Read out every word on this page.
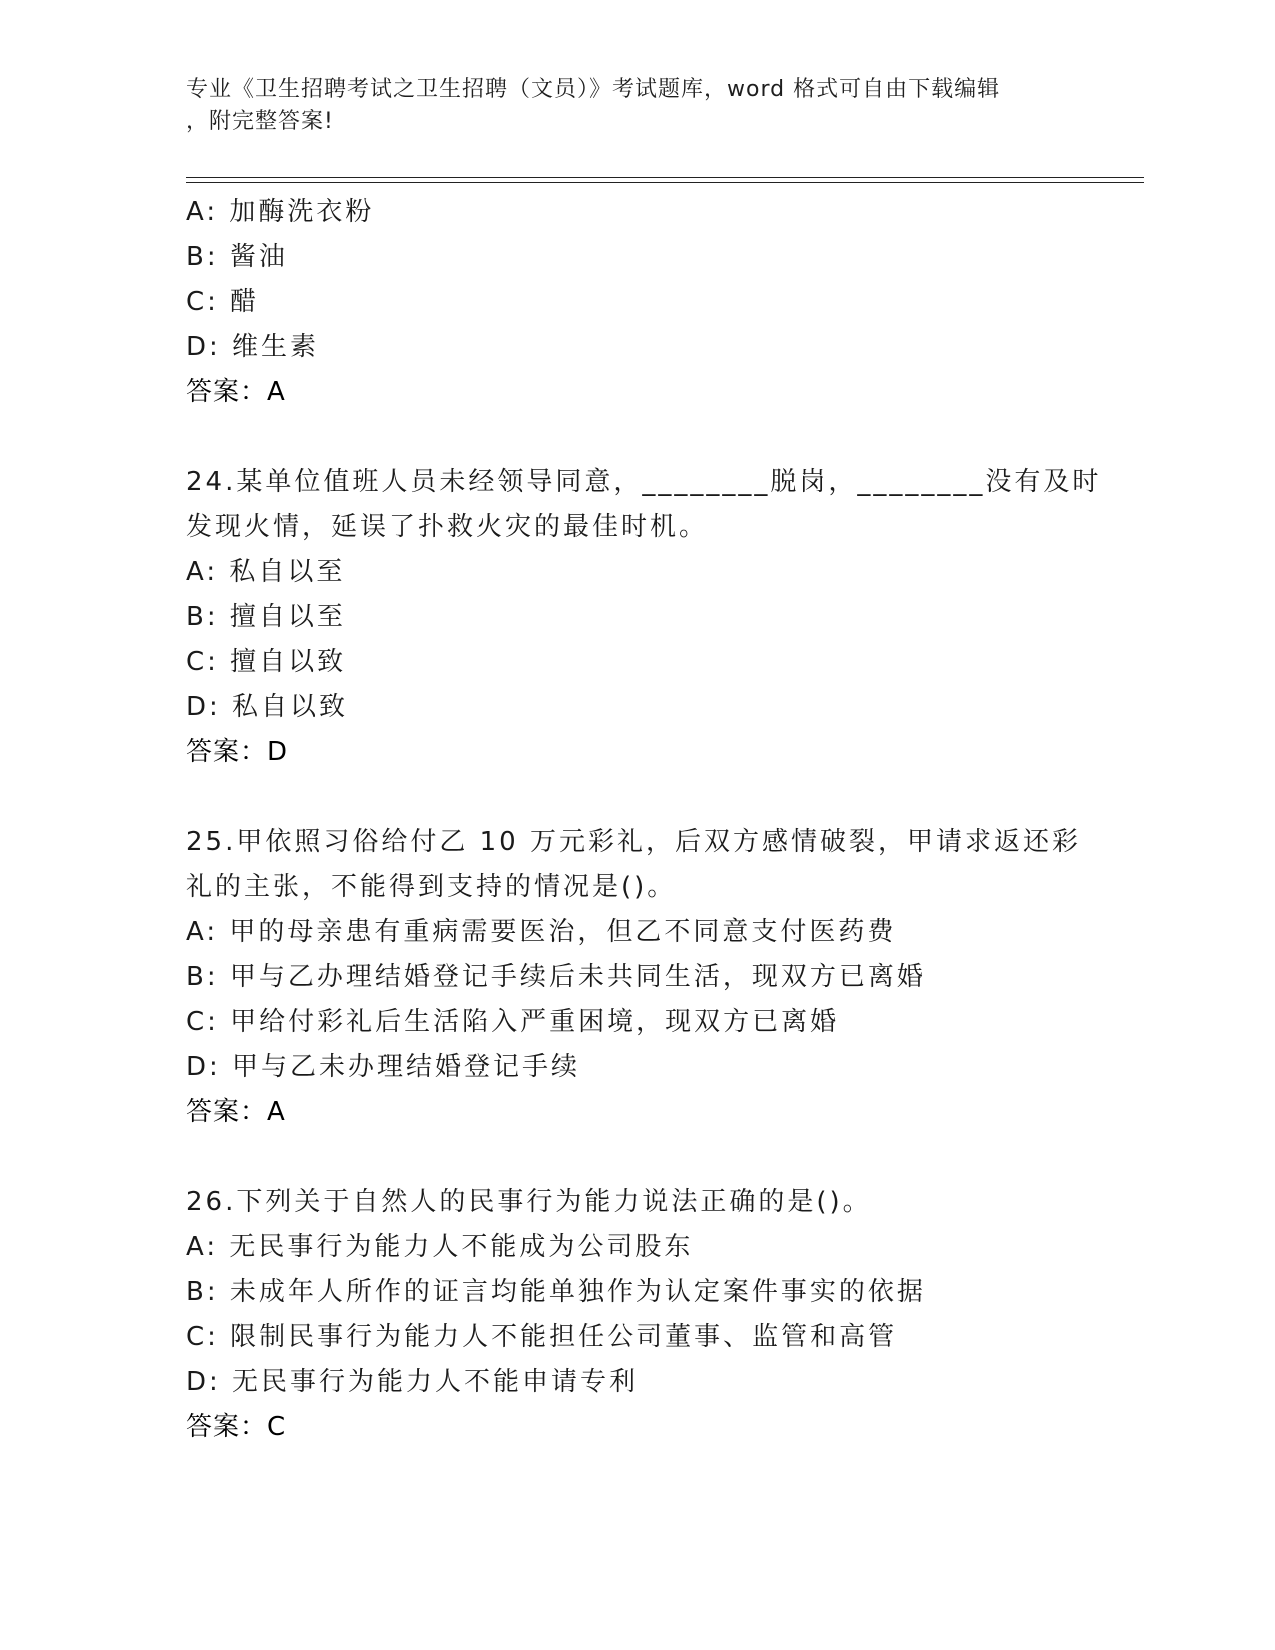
专业《卫生招聘考试之卫生招聘（文员）》考试题库，word 格式可自由下载编辑
，附完整答案!
A: 加酶洗衣粉
B: 酱油
C: 醋
D: 维生素
答案：A
24.某单位值班人员未经领导同意，________脱岗，________没有及时
发现火情，延误了扑救火灾的最佳时机。
A: 私自以至
B: 擅自以至
C: 擅自以致
D: 私自以致
答案：D
25.甲依照习俗给付乙 10 万元彩礼，后双方感情破裂，甲请求返还彩
礼的主张，不能得到支持的情况是()。
A: 甲的母亲患有重病需要医治，但乙不同意支付医药费
B: 甲与乙办理结婚登记手续后未共同生活，现双方已离婚
C: 甲给付彩礼后生活陷入严重困境，现双方已离婚
D: 甲与乙未办理结婚登记手续
答案：A
26.下列关于自然人的民事行为能力说法正确的是()。
A: 无民事行为能力人不能成为公司股东
B: 未成年人所作的证言均能单独作为认定案件事实的依据
C: 限制民事行为能力人不能担任公司董事、监管和高管
D: 无民事行为能力人不能申请专利
答案：C
